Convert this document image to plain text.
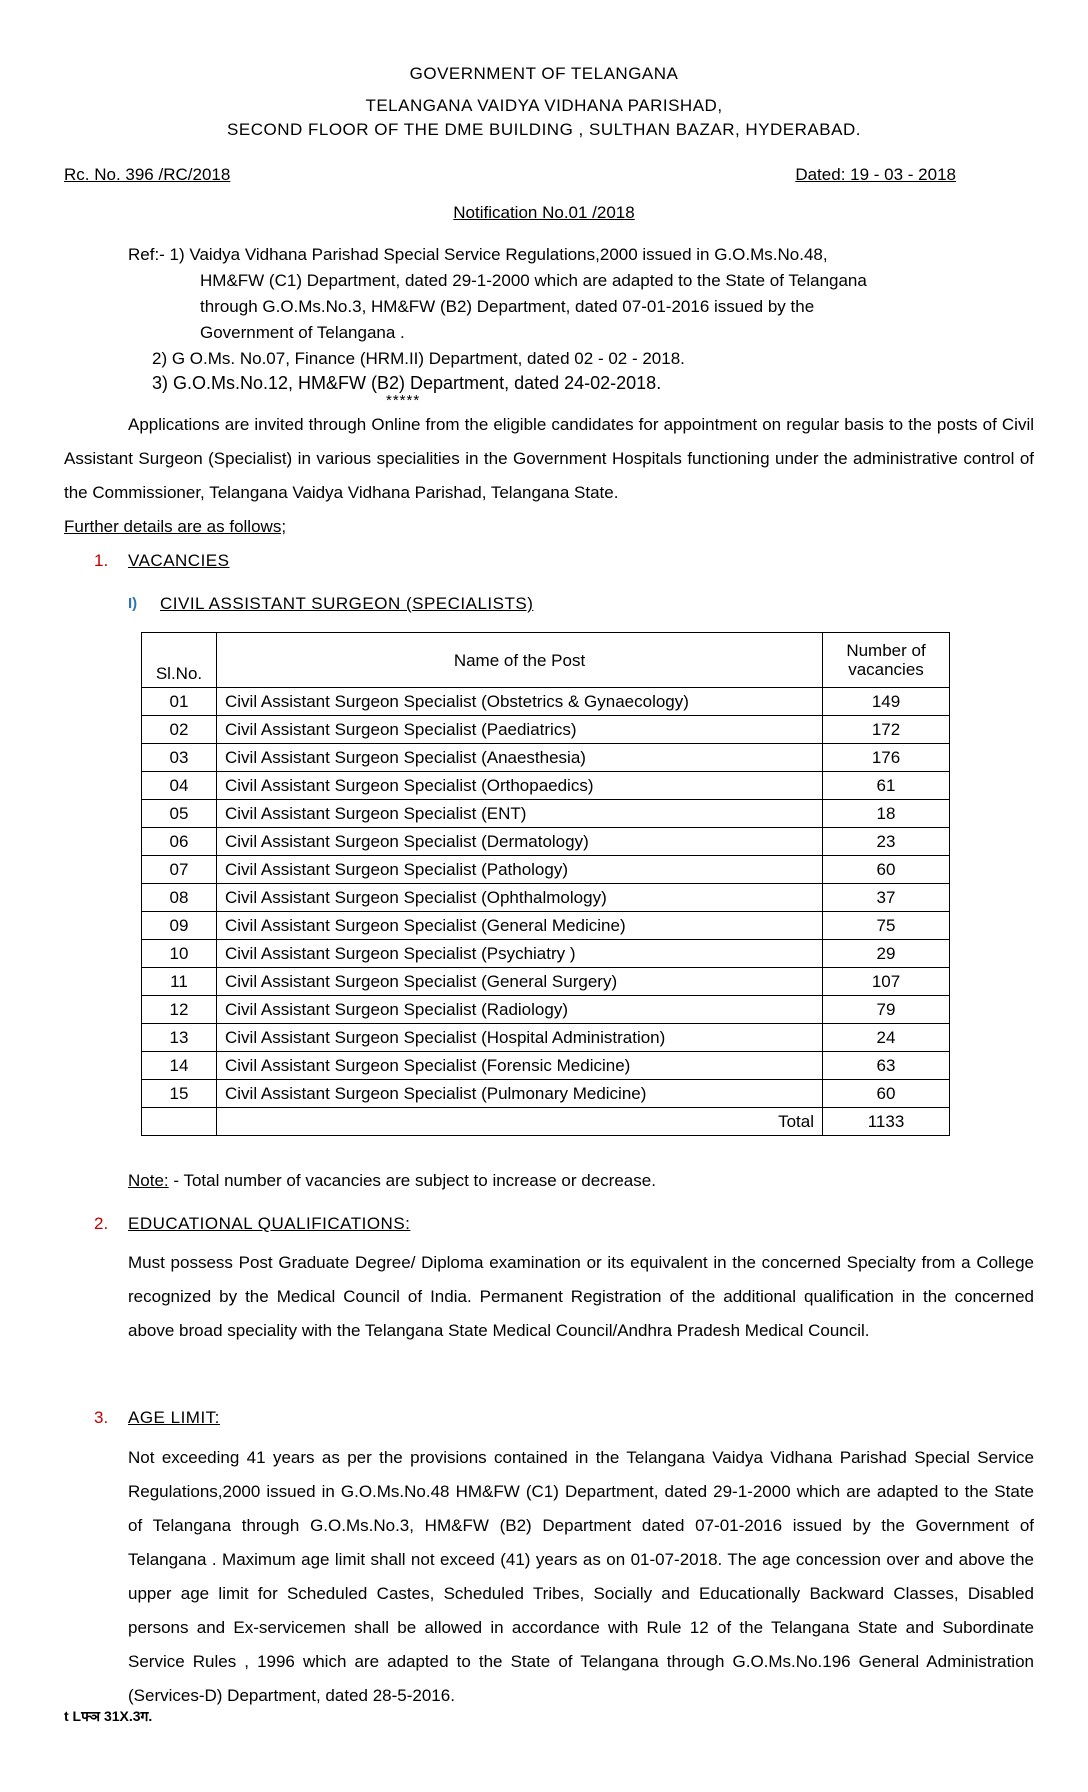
GOVERNMENT OF TELANGANA
TELANGANA VAIDYA VIDHANA PARISHAD,
SECOND FLOOR OF THE DME BUILDING , SULTHAN BAZAR, HYDERABAD.
Rc. No. 396 /RC/2018	Dated: 19 - 03 - 2018
Notification No.01 /2018
Ref:- 1) Vaidya Vidhana Parishad Special Service Regulations,2000 issued in G.O.Ms.No.48,
HM&FW (C1) Department, dated 29-1-2000 which are adapted to the State of Telangana
through G.O.Ms.No.3, HM&FW (B2) Department, dated 07-01-2016 issued by the
Government of Telangana .
2) G O.Ms. No.07, Finance (HRM.II) Department, dated 02 - 02 - 2018.
3) G.O.Ms.No.12, HM&FW (B2) Department, dated 24-02-2018.
*****
Applications are invited through Online from the eligible candidates for appointment on regular basis to the posts of Civil Assistant Surgeon (Specialist) in various specialities in the Government Hospitals functioning under the administrative control of the Commissioner, Telangana Vaidya Vidhana Parishad, Telangana State.
Further details are as follows;
1. VACANCIES
I) CIVIL ASSISTANT SURGEON (SPECIALISTS)
Sl.No.	Name of the Post	Number of vacancies
01	Civil Assistant Surgeon Specialist (Obstetrics & Gynaecology)	149
02	Civil Assistant Surgeon Specialist (Paediatrics)	172
03	Civil Assistant Surgeon Specialist (Anaesthesia)	176
04	Civil Assistant Surgeon Specialist (Orthopaedics)	61
05	Civil Assistant Surgeon Specialist (ENT)	18
06	Civil Assistant Surgeon Specialist (Dermatology)	23
07	Civil Assistant Surgeon Specialist (Pathology)	60
08	Civil Assistant Surgeon Specialist (Ophthalmology)	37
09	Civil Assistant Surgeon Specialist (General Medicine)	75
10	Civil Assistant Surgeon Specialist (Psychiatry )	29
11	Civil Assistant Surgeon Specialist (General Surgery)	107
12	Civil Assistant Surgeon Specialist (Radiology)	79
13	Civil Assistant Surgeon Specialist (Hospital Administration)	24
14	Civil Assistant Surgeon Specialist (Forensic Medicine)	63
15	Civil Assistant Surgeon Specialist (Pulmonary Medicine)	60
	Total	1133
Note: - Total number of vacancies are subject to increase or decrease.
2. EDUCATIONAL QUALIFICATIONS:
Must possess Post Graduate Degree/ Diploma examination or its equivalent in the concerned Specialty from a College recognized by the Medical Council of India. Permanent Registration of the additional qualification in the concerned above broad speciality with the Telangana State Medical Council/Andhra Pradesh Medical Council.
3. AGE LIMIT:
Not exceeding 41 years as per the provisions contained in the Telangana Vaidya Vidhana Parishad Special Service Regulations,2000 issued in G.O.Ms.No.48 HM&FW (C1) Department, dated 29-1-2000 which are adapted to the State of Telangana through G.O.Ms.No.3, HM&FW (B2) Department dated 07-01-2016 issued by the Government of Telangana . Maximum age limit shall not exceed (41) years as on 01-07-2018. The age concession over and above the upper age limit for Scheduled Castes, Scheduled Tribes, Socially and Educationally Backward Classes, Disabled persons and Ex-servicemen shall be allowed in accordance with Rule 12 of the Telangana State and Subordinate Service Rules , 1996 which are adapted to the State of Telangana through G.O.Ms.No.196 General Administration (Services-D) Department, dated 28-5-2016.
t Lफ्ञ 31X.3ग.
